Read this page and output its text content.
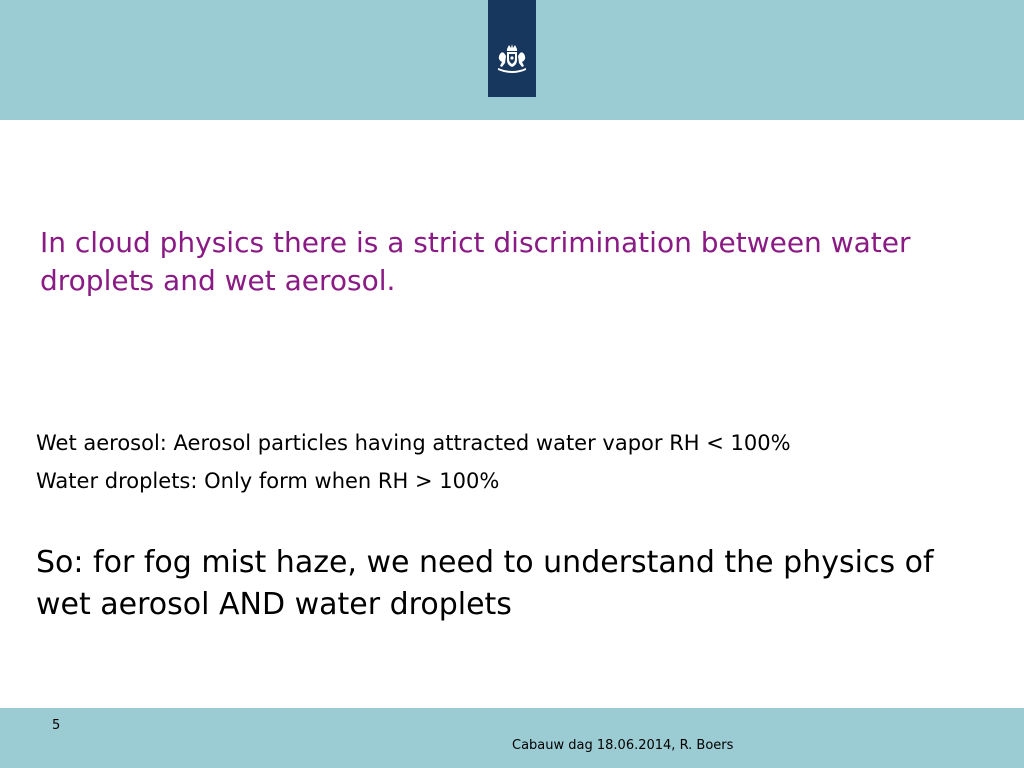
In cloud physics there is a strict discrimination between water droplets and wet aerosol.
Wet aerosol: Aerosol particles having attracted water vapor RH < 100%
Water droplets: Only form when RH > 100%
So: for fog mist haze, we need to understand the physics of wet aerosol AND water droplets
5
Cabauw dag 18.06.2014, R. Boers
